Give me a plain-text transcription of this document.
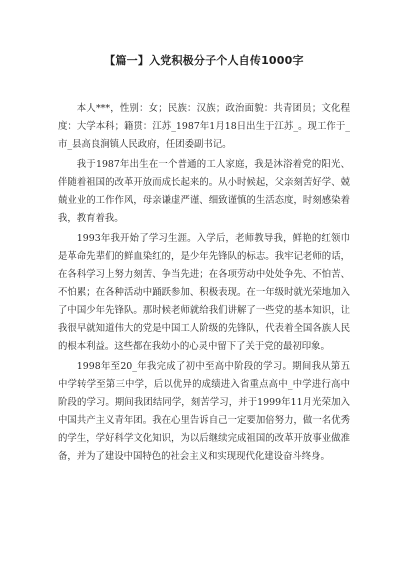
【篇一】入党积极分子个人自传1000字

本人***，性别：女；民族：汉族；政治面貌：共青团员；文化程度：大学本科；籍贯：江苏_1987年1月18日出生于江苏_。现工作于_市_县高良涧镇人民政府，任团委副书记。

我于1987年出生在一个普通的工人家庭，我是沐浴着党的阳光、伴随着祖国的改革开放而成长起来的。从小时候起，父亲刻苦好学、兢兢业业的工作作风，母亲谦虚严谨、细致谨慎的生活态度，时刻感染着我，教育着我。

1993年我开始了学习生涯。入学后，老师教导我，鲜艳的红领巾是革命先辈们的鲜血染红的，是少年先锋队的标志。我牢记老师的话，在各科学习上努力刻苦、争当先进；在各项劳动中处处争先、不怕苦、不怕累；在各种活动中踊跃参加、积极表现。在一年级时就光荣地加入了中国少年先锋队。那时候老师就给我们讲解了一些党的基本知识，让我很早就知道伟大的党是中国工人阶级的先锋队，代表着全国各族人民的根本利益。这些都在我幼小的心灵中留下了关于党的最初印象。

1998年至20_年我完成了初中至高中阶段的学习。期间我从第五中学转学至第三中学，后以优异的成绩进入省重点高中_中学进行高中阶段的学习。期间我团结同学，刻苦学习，并于1999年11月光荣加入中国共产主义青年团。我在心里告诉自己一定要加倍努力，做一名优秀的学生，学好科学文化知识，为以后继续完成祖国的改革开放事业做准备，并为了建设中国特色的社会主义和实现现代化建设奋斗终身。
